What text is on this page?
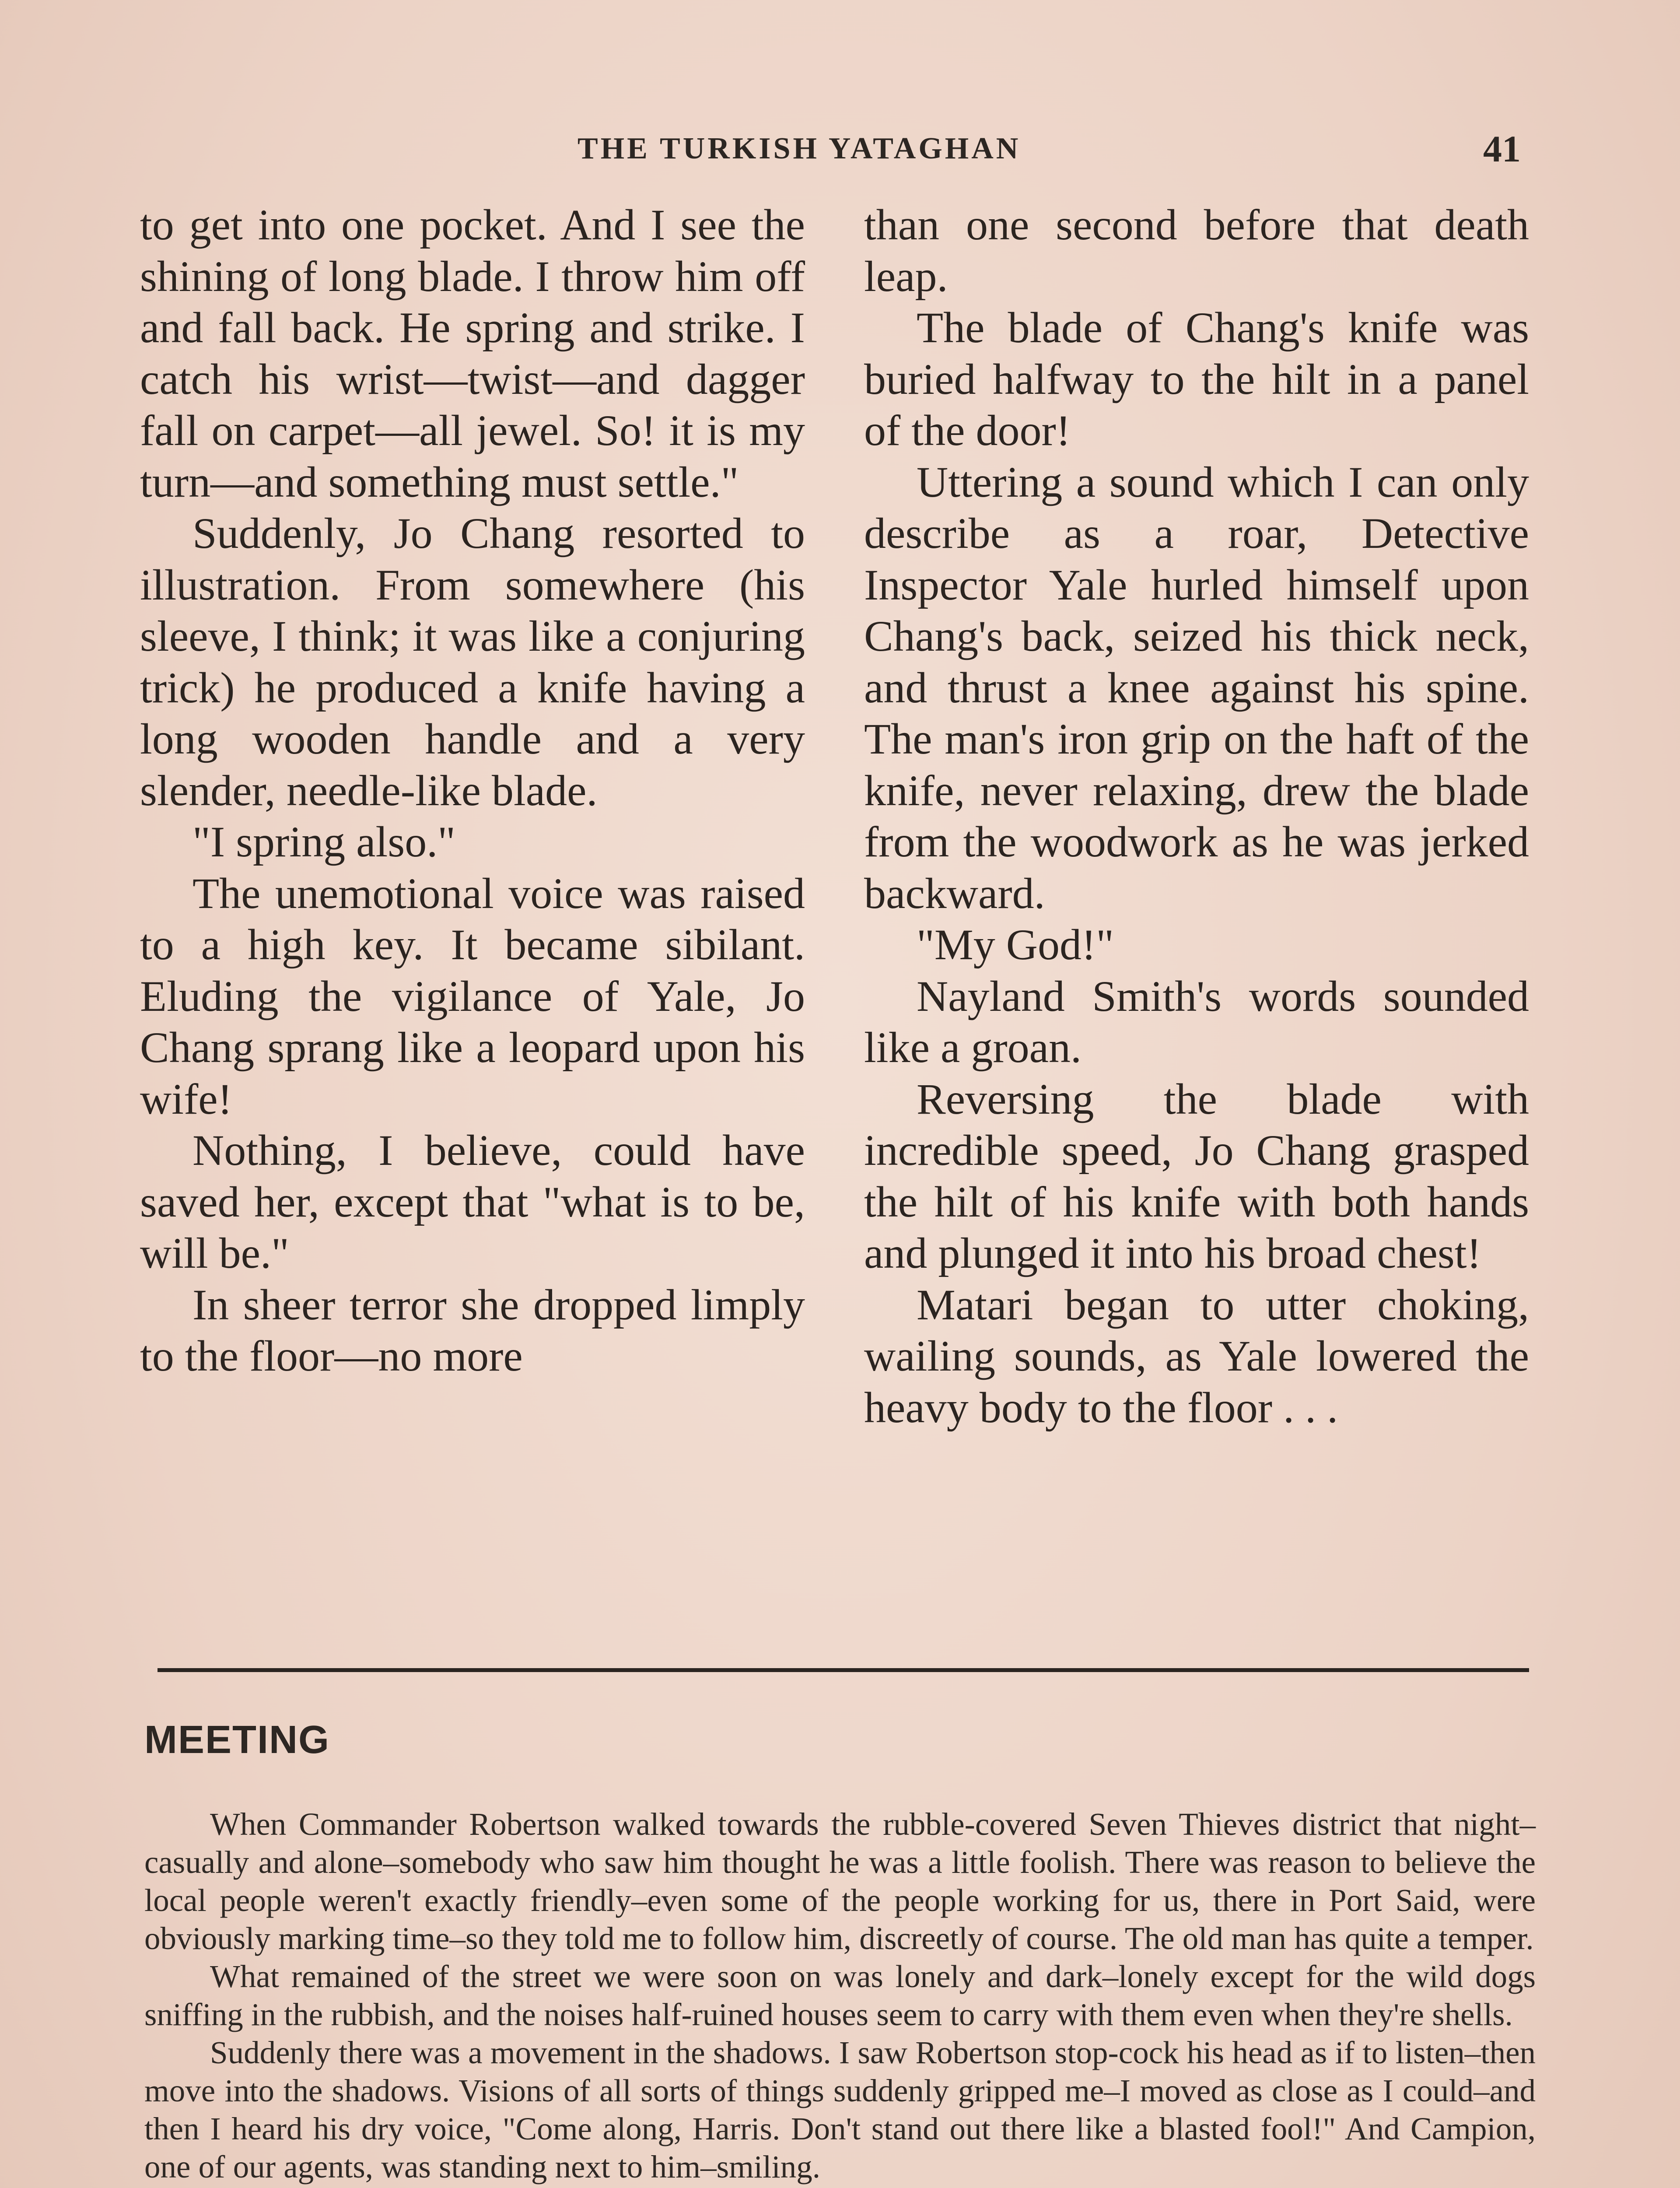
THE TURKISH YATAGHAN	41

to get into one pocket. And I see the shining of long blade. I throw him off and fall back. He spring and strike. I catch his wrist—twist—and dagger fall on carpet—all jewel. So! it is my turn—and something must settle."

Suddenly, Jo Chang resorted to illustration. From somewhere (his sleeve, I think; it was like a conjuring trick) he produced a knife having a long wooden handle and a very slender, needle-like blade.

"I spring also."

The unemotional voice was raised to a high key. It became sibilant. Eluding the vigilance of Yale, Jo Chang sprang like a leopard upon his wife!

Nothing, I believe, could have saved her, except that "what is to be, will be."

In sheer terror she dropped limply to the floor—no more

than one second before that death leap.

The blade of Chang's knife was buried halfway to the hilt in a panel of the door!

Uttering a sound which I can only describe as a roar, Detective Inspector Yale hurled himself upon Chang's back, seized his thick neck, and thrust a knee against his spine. The man's iron grip on the haft of the knife, never relaxing, drew the blade from the woodwork as he was jerked backward.

"My God!"

Nayland Smith's words sounded like a groan.

Reversing the blade with incredible speed, Jo Chang grasped the hilt of his knife with both hands and plunged it into his broad chest!

Matari began to utter choking, wailing sounds, as Yale lowered the heavy body to the floor . . .

MEETING

When Commander Robertson walked towards the rubble-covered Seven Thieves district that night–casually and alone–somebody who saw him thought he was a little foolish. There was reason to believe the local people weren't exactly friendly–even some of the people working for us, there in Port Said, were obviously marking time–so they told me to follow him, discreetly of course. The old man has quite a temper.

What remained of the street we were soon on was lonely and dark–lonely except for the wild dogs sniffing in the rubbish, and the noises half-ruined houses seem to carry with them even when they're shells.

Suddenly there was a movement in the shadows. I saw Robertson stop-cock his head as if to listen–then move into the shadows. Visions of all sorts of things suddenly gripped me–I moved as close as I could–and then I heard his dry voice, "Come along, Harris. Don't stand out there like a blasted fool!" And Campion, one of our agents, was standing next to him–smiling.
